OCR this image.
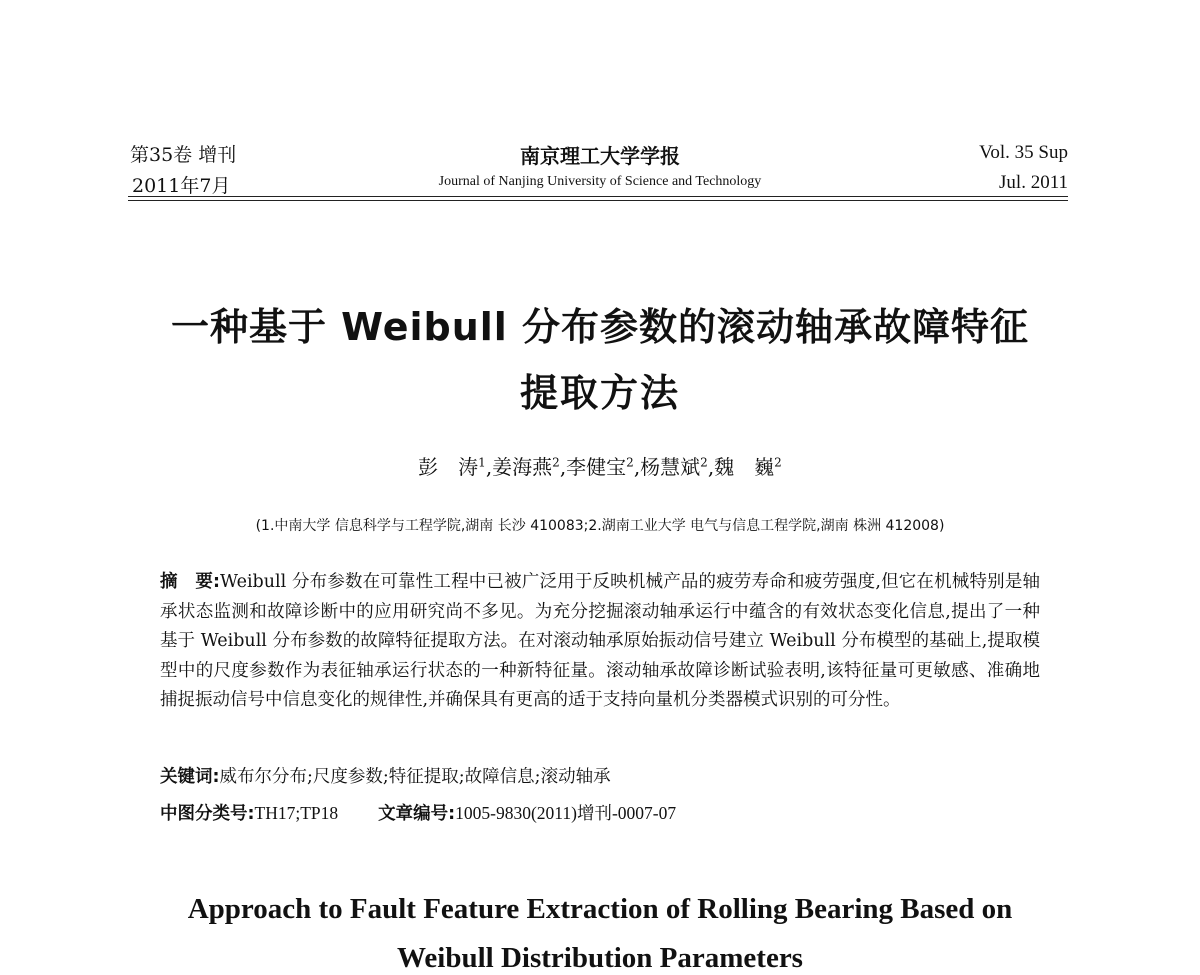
第35卷 增刊
2011年7月
南京理工大学学报
Journal of Nanjing University of Science and Technology
Vol. 35 Sup
Jul. 2011
一种基于 Weibull 分布参数的滚动轴承故障特征
提取方法
彭　涛$^1$,姜海燕$^2$,李健宝$^2$,杨慧斌$^2$,魏　巍$^2$
(1.中南大学 信息科学与工程学院,湖南 长沙 410083;2.湖南工业大学 电气与信息工程学院,湖南 株洲 412008)
摘　要:Weibull 分布参数在可靠性工程中已被广泛用于反映机械产品的疲劳寿命和疲劳强度,但它在机械特别是轴承状态监测和故障诊断中的应用研究尚不多见。为充分挖掘滚动轴承运行中蕴含的有效状态变化信息,提出了一种基于 Weibull 分布参数的故障特征提取方法。在对滚动轴承原始振动信号建立 Weibull 分布模型的基础上,提取模型中的尺度参数作为表征轴承运行状态的一种新特征量。滚动轴承故障诊断试验表明,该特征量可更敏感、准确地捕捉振动信号中信息变化的规律性,并确保具有更高的适于支持向量机分类器模式识别的可分性。
关键词:威布尔分布;尺度参数;特征提取;故障信息;滚动轴承
中图分类号:TH17;TP18 文章编号:1005-9830(2011)增刊-0007-07
Approach to Fault Feature Extraction of Rolling Bearing Based on
Weibull Distribution Parameters
